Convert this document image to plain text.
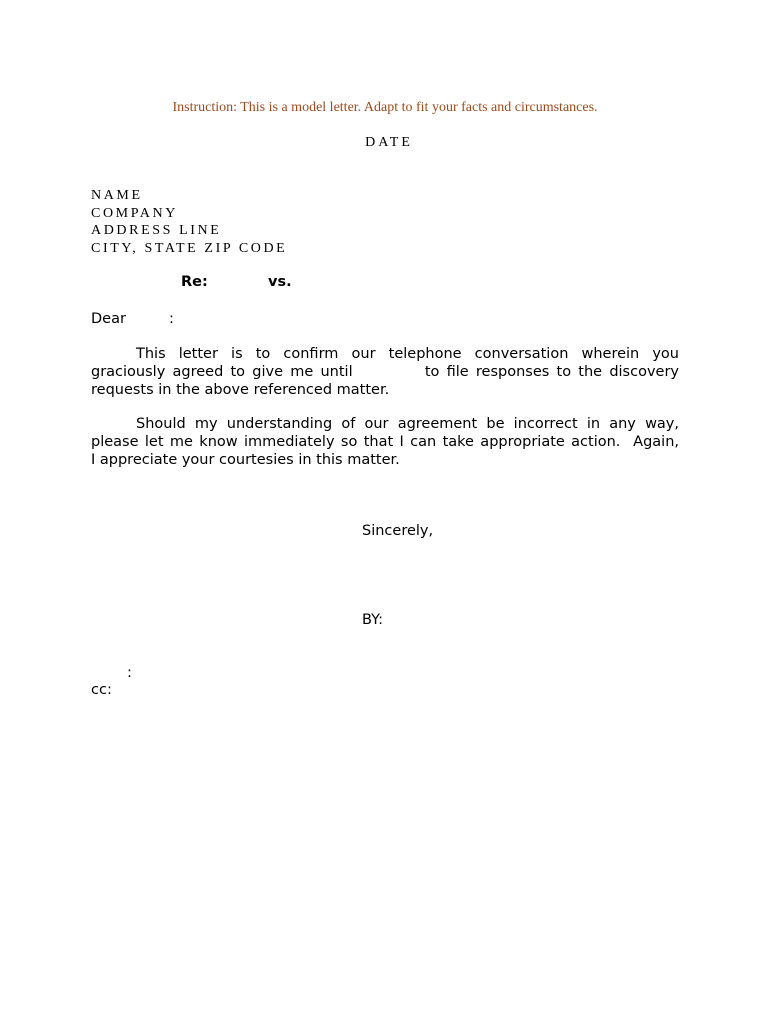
Instruction: This is a model letter. Adapt to fit your facts and circumstances.
DATE
NAME
COMPANY
ADDRESS LINE
CITY, STATE ZIP CODE
Re:	vs.
Dear	:
This letter is to confirm our telephone conversation wherein you
graciously agreed to give me until          to file responses to the discovery
requests in the above referenced matter.
Should my understanding of our agreement be incorrect in any way,
please let me know immediately so that I can take appropriate action.  Again,
I appreciate your courtesies in this matter.
Sincerely,
BY:
:
cc:
